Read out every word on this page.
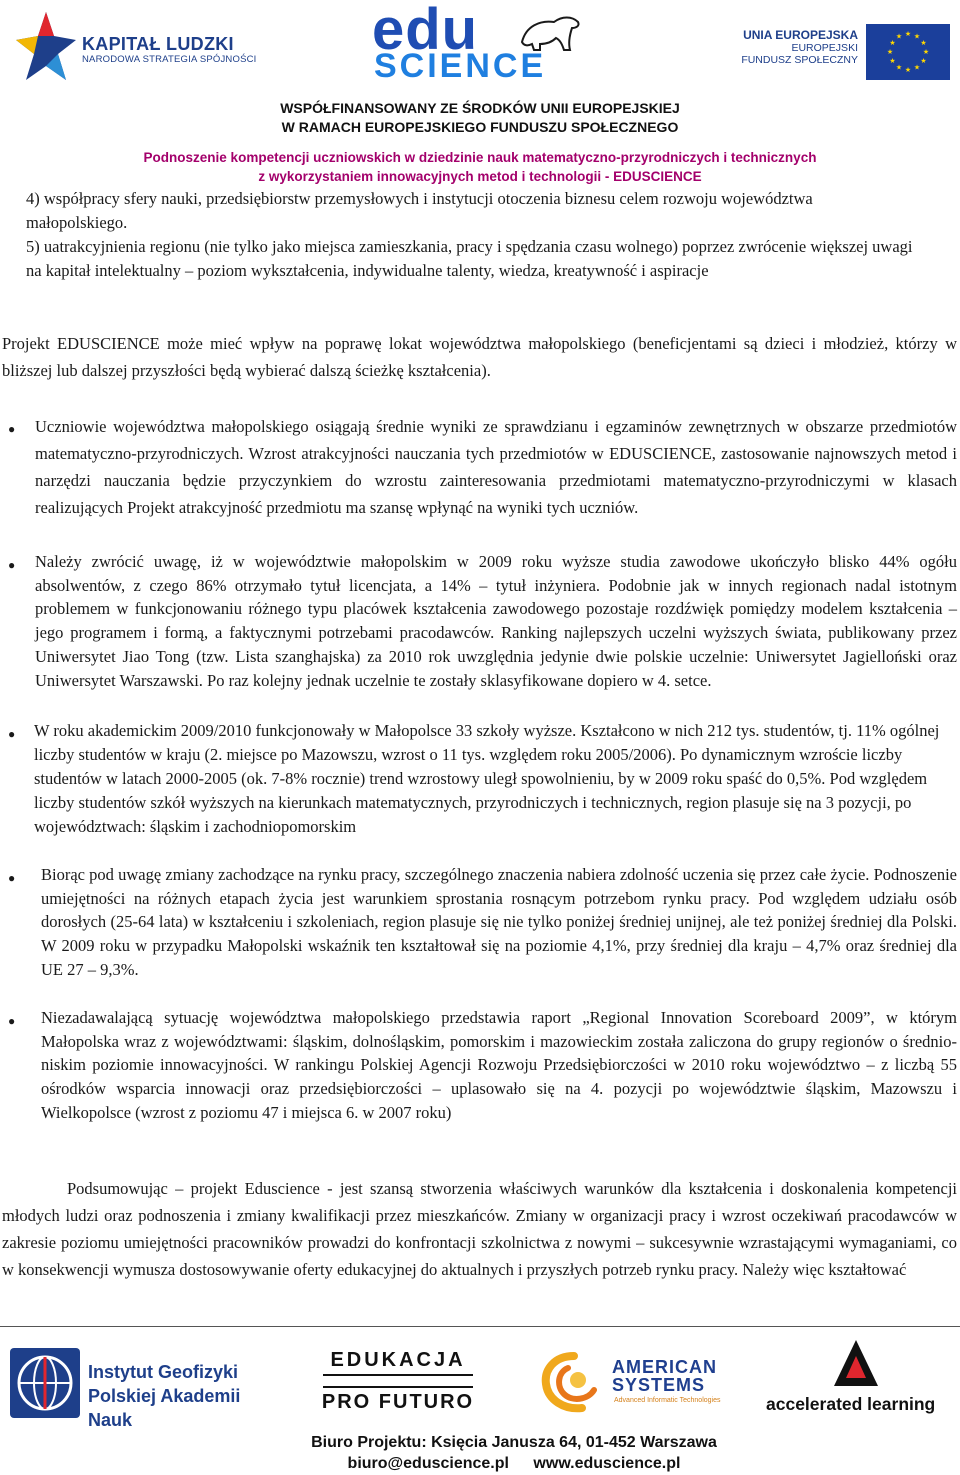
KAPITAŁ LUDZKI
NARODOWA STRATEGIA SPÓJNOŚCI edu
SCIENCE
UNIA EUROPEJSKA
EUROPEJSKI
FUNDUSZ SPOŁECZNY
★ ★
★
★
★
★
★
★
★
★
★
★
WSPÓŁFINANSOWANY ZE ŚRODKÓW UNII EUROPEJSKIEJ
W RAMACH EUROPEJSKIEGO FUNDUSZU SPOŁECZNEGO
Podnoszenie kompetencji uczniowskich w dziedzinie nauk matematyczno-przyrodniczych i technicznych
z wykorzystaniem innowacyjnych metod i technologii - EDUSCIENCE

4) współpracy sfery nauki, przedsiębiorstw przemysłowych i instytucji otoczenia biznesu celem rozwoju województwa małopolskiego.

5) uatrakcyjnienia regionu (nie tylko jako miejsca zamieszkania, pracy i spędzania czasu wolnego) poprzez zwrócenie większej uwagi na kapitał intelektualny – poziom wykształcenia, indywidualne talenty, wiedza, kreatywność i aspiracje

Projekt EDUSCIENCE może mieć wpływ na poprawę lokat województwa małopolskiego (beneficjentami są dzieci i młodzież, którzy w bliższej lub dalszej przyszłości będą wybierać dalszą ścieżkę kształcenia).

● Uczniowie województwa małopolskiego osiągają średnie wyniki ze sprawdzianu i egzaminów zewnętrznych w obszarze przedmiotów matematyczno-przyrodniczych. Wzrost atrakcyjności nauczania tych przedmiotów w EDUSCIENCE, zastosowanie najnowszych metod i narzędzi nauczania będzie przyczynkiem do wzrostu zainteresowania przedmiotami matematyczno-przyrodniczymi w klasach realizujących Projekt atrakcyjność przedmiotu ma szansę wpłynąć na wyniki tych uczniów.

● Należy zwrócić uwagę, iż w województwie małopolskim w 2009 roku wyższe studia zawodowe ukończyło blisko 44% ogółu absolwentów, z czego 86% otrzymało tytuł licencjata, a 14% – tytuł inżyniera. Podobnie jak w innych regionach nadal istotnym problemem w funkcjonowaniu różnego typu placówek kształcenia zawodowego pozostaje rozdźwięk pomiędzy modelem kształcenia – jego programem i formą, a faktycznymi potrzebami pracodawców. Ranking najlepszych uczelni wyższych świata, publikowany przez Uniwersytet Jiao Tong (tzw. Lista szanghajska) za 2010 rok uwzględnia jedynie dwie polskie uczelnie: Uniwersytet Jagielloński oraz Uniwersytet Warszawski. Po raz kolejny jednak uczelnie te zostały sklasyfikowane dopiero w 4. setce.

● W roku akademickim 2009/2010 funkcjonowały w Małopolsce 33 szkoły wyższe. Kształcono w nich 212 tys. studentów, tj. 11% ogólnej liczby studentów w kraju (2. miejsce po Mazowszu, wzrost o 11 tys. względem roku 2005/2006). Po dynamicznym wzroście liczby studentów w latach 2000-2005 (ok. 7-8% rocznie) trend wzrostowy uległ spowolnieniu, by w 2009 roku spaść do 0,5%. Pod względem liczby studentów szkół wyższych na kierunkach matematycznych, przyrodniczych i technicznych, region plasuje się na 3 pozycji, po województwach: śląskim i zachodniopomorskim

● Biorąc pod uwagę zmiany zachodzące na rynku pracy, szczególnego znaczenia nabiera zdolność uczenia się przez całe życie. Podnoszenie umiejętności na różnych etapach życia jest warunkiem sprostania rosnącym potrzebom rynku pracy. Pod względem udziału osób dorosłych (25-64 lata) w kształceniu i szkoleniach, region plasuje się nie tylko poniżej średniej unijnej, ale też poniżej średniej dla Polski. W 2009 roku w przypadku Małopolski wskaźnik ten kształtował się na poziomie 4,1%, przy średniej dla kraju – 4,7% oraz średniej dla UE 27 – 9,3%.

● Niezadawalającą sytuację województwa małopolskiego przedstawia raport „Regional Innovation Scoreboard 2009”, w którym Małopolska wraz z województwami: śląskim, dolnośląskim, pomorskim i mazowieckim została zaliczona do grupy regionów o średnio-niskim poziomie innowacyjności. W rankingu Polskiej Agencji Rozwoju Przedsiębiorczości w 2010 roku województwo – z liczbą 55 ośrodków wsparcia innowacji oraz przedsiębiorczości – uplasowało się na 4. pozycji po województwie śląskim, Mazowszu i Wielkopolsce (wzrost z poziomu 47 i miejsca 6. w 2007 roku)

Podsumowując – projekt Eduscience - jest szansą stworzenia właściwych warunków dla kształcenia i doskonalenia kompetencji młodych ludzi oraz podnoszenia i zmiany kwalifikacji przez mieszkańców. Zmiany w organizacji pracy i wzrost oczekiwań pracodawców w zakresie poziomu umiejętności pracowników prowadzi do konfrontacji szkolnictwa z nowymi – sukcesywnie wzrastającymi wymaganiami, co w konsekwencji wymusza dostosowywanie oferty edukacyjnej do aktualnych i przyszłych potrzeb rynku pracy. Należy więc kształtować

Instytut Geofizyki
Polskiej Akademii Nauk
EDUKACJA
PRO FUTURO
AMERICAN
SYSTEMS
Advanced Informatic Technologies	accelerated learning
Biuro Projektu: Księcia Janusza 64, 01-452 Warszawa
biuro@eduscience.pl www.eduscience.pl
